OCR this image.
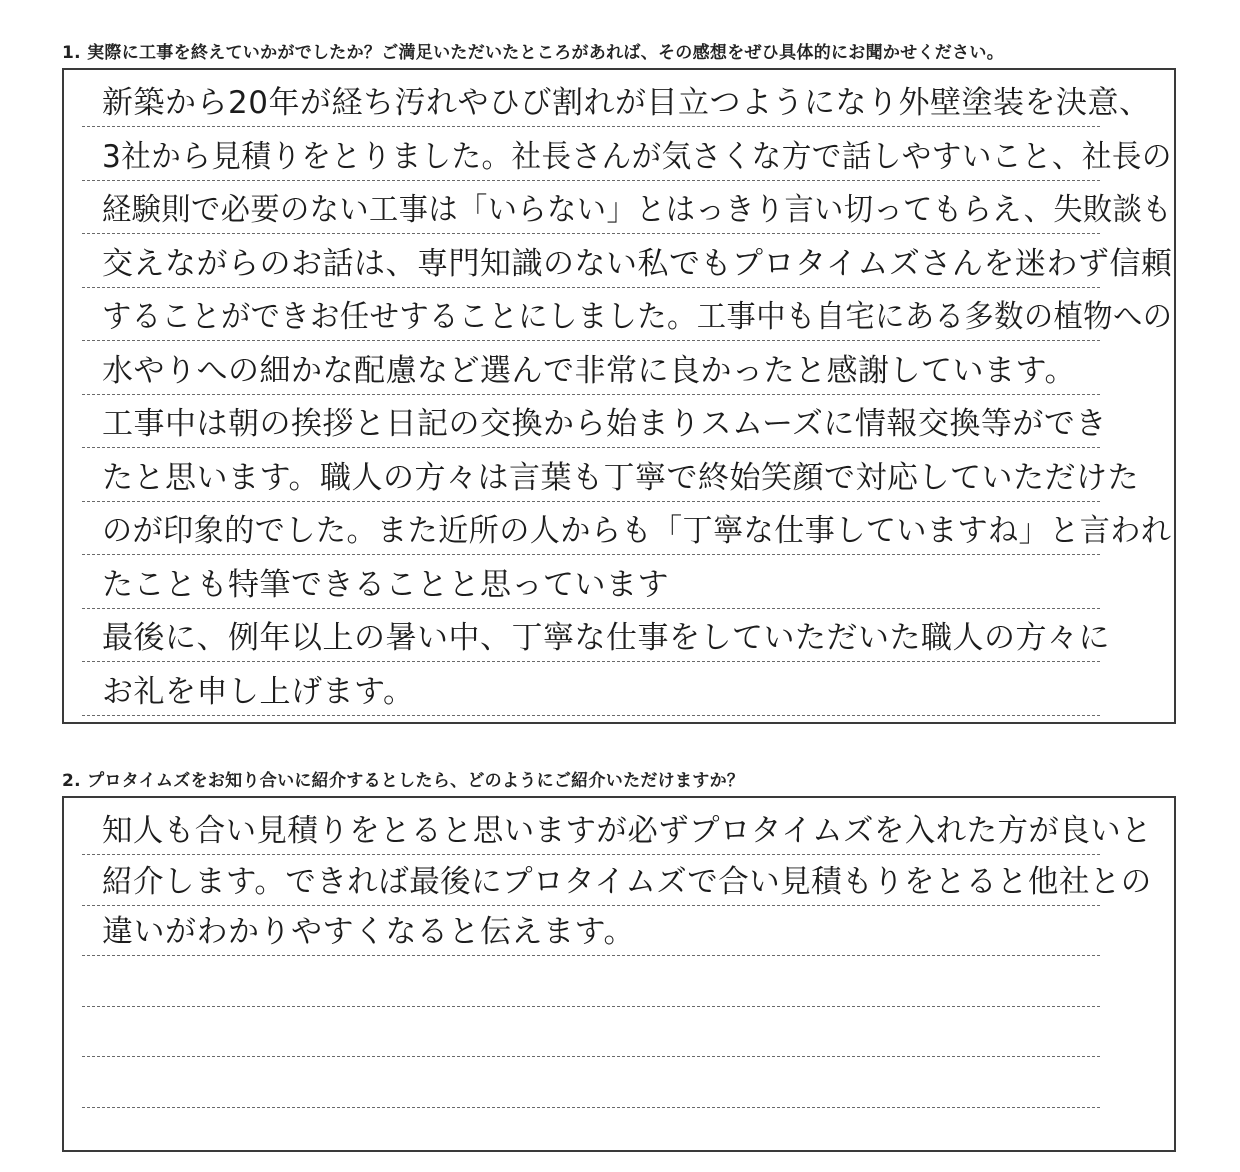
1. 実際に工事を終えていかがでしたか？ご満足いただいたところがあれば、その感想をぜひ具体的にお聞かせください。
新築から20年が経ち汚れやひび割れが目立つようになり外壁塗装を決意、
3社から見積りをとりました。社長さんが気さくな方で話しやすいこと、社長の
経験則で必要のない工事は「いらない」とはっきり言い切ってもらえ、失敗談も
交えながらのお話は、専門知識のない私でもプロタイムズさんを迷わず信頼
することができお任せすることにしました。工事中も自宅にある多数の植物への
水やりへの細かな配慮など選んで非常に良かったと感謝しています。
工事中は朝の挨拶と日記の交換から始まりスムーズに情報交換等ができ
たと思います。職人の方々は言葉も丁寧で終始笑顔で対応していただけた
のが印象的でした。また近所の人からも「丁寧な仕事していますね」と言われ
たことも特筆できることと思っています
最後に、例年以上の暑い中、丁寧な仕事をしていただいた職人の方々に
お礼を申し上げます。
2. プロタイムズをお知り合いに紹介するとしたら、どのようにご紹介いただけますか？
知人も合い見積りをとると思いますが必ずプロタイムズを入れた方が良いと
紹介します。できれば最後にプロタイムズで合い見積もりをとると他社との
違いがわかりやすくなると伝えます。
